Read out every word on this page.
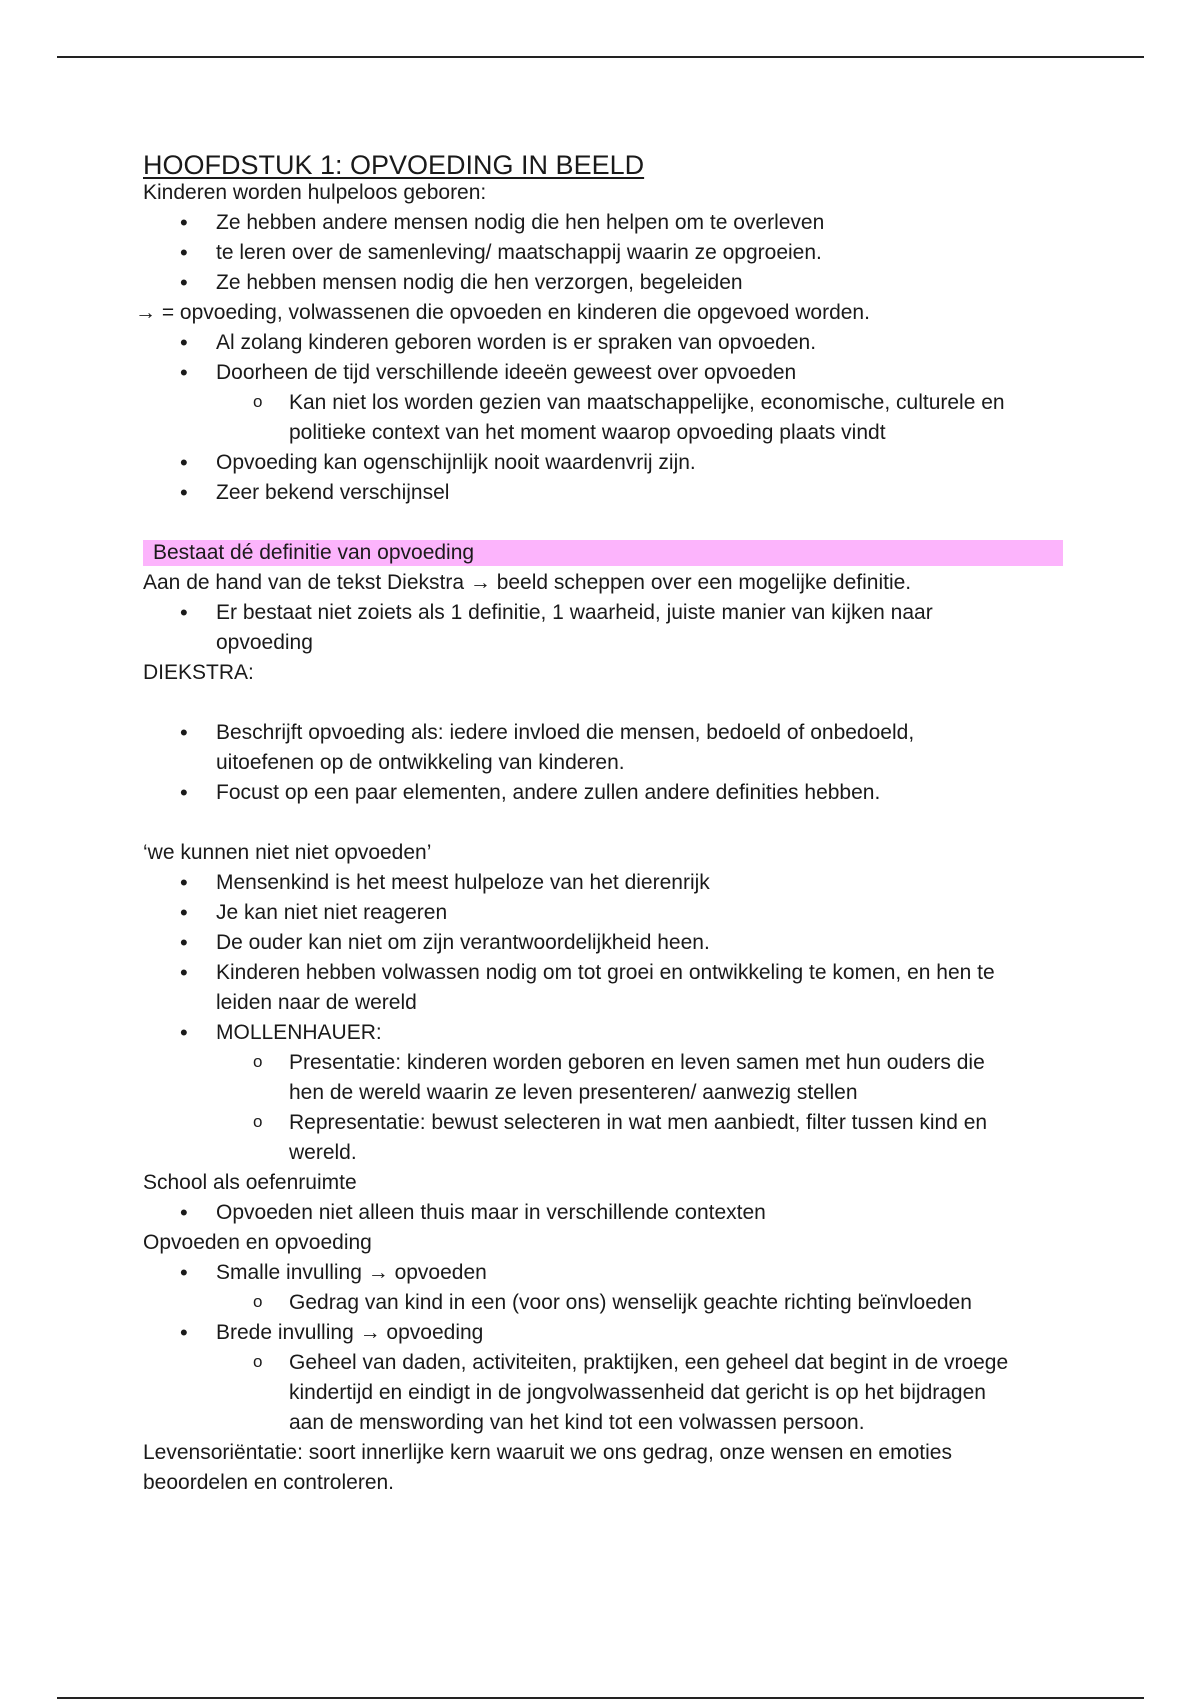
HOOFDSTUK 1: OPVOEDING IN BEELD
Kinderen worden hulpeloos geboren:
• Ze hebben andere mensen nodig die hen helpen om te overleven
• te leren over de samenleving/ maatschappij waarin ze opgroeien.
• Ze hebben mensen nodig die hen verzorgen, begeleiden
→ = opvoeding, volwassenen die opvoeden en kinderen die opgevoed worden.
• Al zolang kinderen geboren worden is er spraken van opvoeden.
• Doorheen de tijd verschillende ideeën geweest over opvoeden
o Kan niet los worden gezien van maatschappelijke, economische, culturele en
politieke context van het moment waarop opvoeding plaats vindt
• Opvoeding kan ogenschijnlijk nooit waardenvrij zijn.
• Zeer bekend verschijnsel
Bestaat dé definitie van opvoeding
Aan de hand van de tekst Diekstra → beeld scheppen over een mogelijke definitie.
• Er bestaat niet zoiets als 1 definitie, 1 waarheid, juiste manier van kijken naar
opvoeding
DIEKSTRA:
• Beschrijft opvoeding als: iedere invloed die mensen, bedoeld of onbedoeld,
uitoefenen op de ontwikkeling van kinderen.
• Focust op een paar elementen, andere zullen andere definities hebben.
‘we kunnen niet niet opvoeden’
• Mensenkind is het meest hulpeloze van het dierenrijk
• Je kan niet niet reageren
• De ouder kan niet om zijn verantwoordelijkheid heen.
• Kinderen hebben volwassen nodig om tot groei en ontwikkeling te komen, en hen te
leiden naar de wereld
• MOLLENHAUER:
o Presentatie: kinderen worden geboren en leven samen met hun ouders die
hen de wereld waarin ze leven presenteren/ aanwezig stellen
o Representatie: bewust selecteren in wat men aanbiedt, filter tussen kind en
wereld.
School als oefenruimte
• Opvoeden niet alleen thuis maar in verschillende contexten
Opvoeden en opvoeding
• Smalle invulling → opvoeden
o Gedrag van kind in een (voor ons) wenselijk geachte richting beïnvloeden
• Brede invulling → opvoeding
o Geheel van daden, activiteiten, praktijken, een geheel dat begint in de vroege
kindertijd en eindigt in de jongvolwassenheid dat gericht is op het bijdragen
aan de menswording van het kind tot een volwassen persoon.
Levensoriëntatie: soort innerlijke kern waaruit we ons gedrag, onze wensen en emoties
beoordelen en controleren.
